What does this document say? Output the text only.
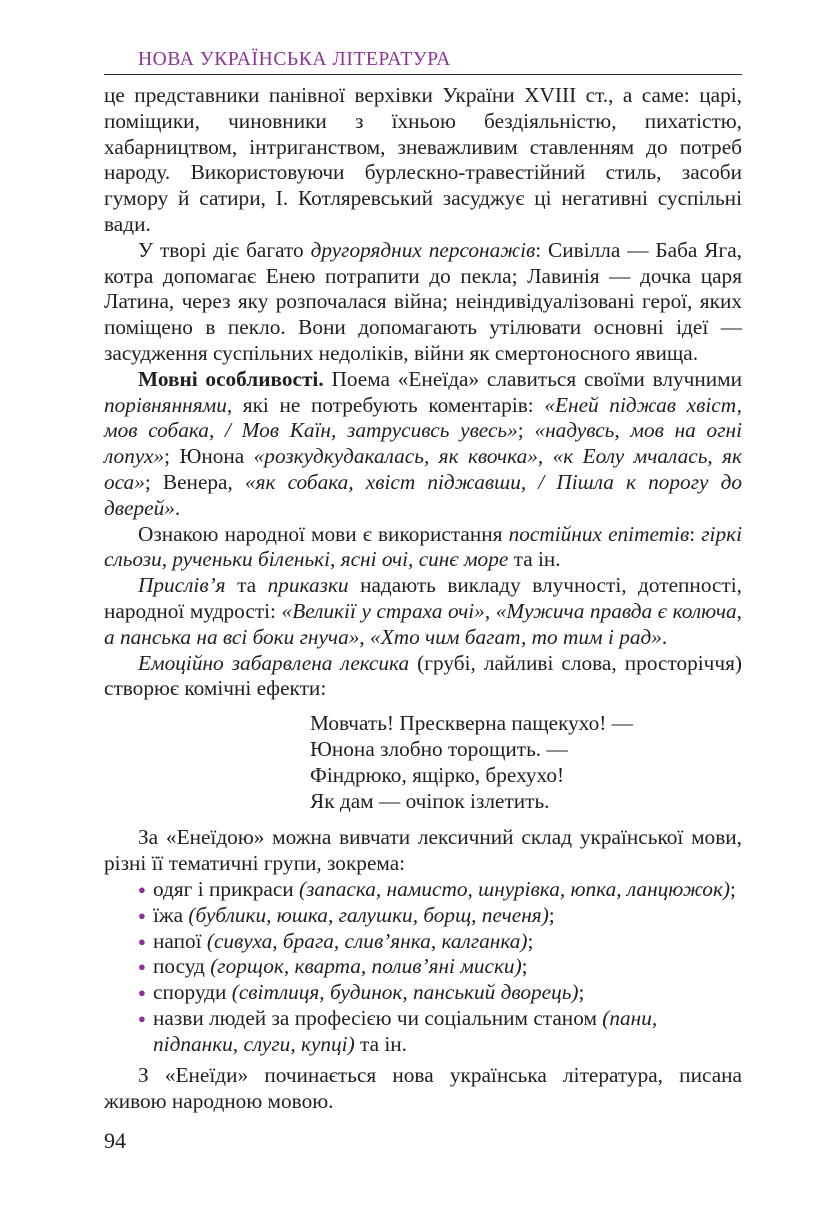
НОВА УКРАЇНСЬКА ЛІТЕРАТУРА

це представники панівної верхівки України XVIII ст., а саме: царі, поміщики, чиновники з їхньою бездіяльністю, пихатістю, хабарництвом, інтриганством, зневажливим ставленням до потреб народу. Використовуючи бурлескно-травестійний стиль, засоби гумору й сатири, І. Котляревський засуджує ці негативні суспільні вади.

У творі діє багато другорядних персонажів: Сивілла — Баба Яга, котра допомагає Енею потрапити до пекла; Лавинія — дочка царя Латина, через яку розпочалася війна; неіндивідуалізовані герої, яких поміщено в пекло. Вони допомагають утілювати основні ідеї — засудження суспільних недоліків, війни як смертоносного явища.

Мовні особливості. Поема «Енеїда» славиться своїми влучними порівняннями, які не потребують коментарів: «Еней піджав хвіст, мов собака, / Мов Каїн, затрусивсь увесь»; «надувсь, мов на огні лопух»; Юнона «розкудкудакалась, як квочка», «к Еолу мчалась, як оса»; Венера, «як собака, хвіст піджавши, / Пішла к порогу до дверей».

Ознакою народної мови є використання постійних епітетів: гіркі сльози, рученьки біленькі, ясні очі, синє море та ін.

Прислів’я та приказки надають викладу влучності, дотепності, народної мудрості: «Великії у страха очі», «Мужича правда є колюча, а панська на всі боки гнуча», «Хто чим багат, то тим і рад».

Емоційно забарвлена лексика (грубі, лайливі слова, просторіччя) створює комічні ефекти:

Мовчать! Прескверна пащекухо! —
Юнона злобно торощить. —
Фіндрюко, ящірко, брехухо!
Як дам — очіпок ізлетить.

За «Енеїдою» можна вивчати лексичний склад української мови, різні її тематичні групи, зокрема:

● одяг і прикраси (запаска, намисто, шнурівка, юпка, ланцюжок);
● їжа (бублики, юшка, галушки, борщ, печеня);
● напої (сивуха, брага, слив’янка, калганка);
● посуд (горщок, кварта, полив’яні миски);
● споруди (світлиця, будинок, панський дворець);
● назви людей за професією чи соціальним станом (пани, підпанки, слуги, купці) та ін.

З «Енеїди» починається нова українська література, писана живою народною мовою.

94
